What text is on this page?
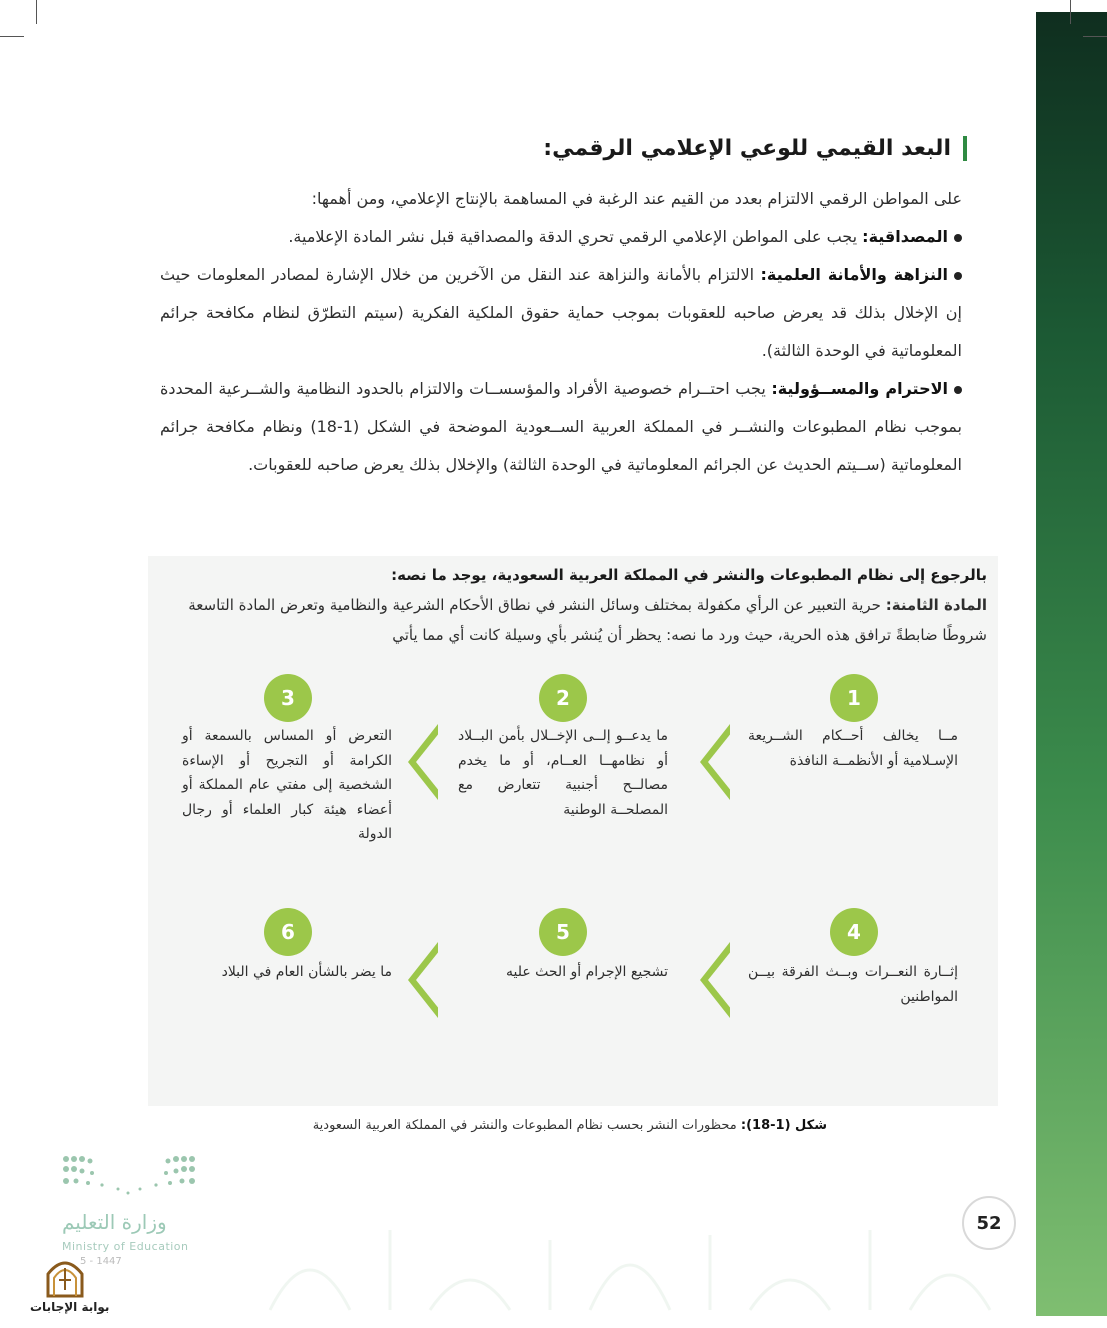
البعد القيمي للوعي الإعلامي الرقمي:
على المواطن الرقمي الالتزام بعدد من القيم عند الرغبة في المساهمة بالإنتاج الإعلامي، ومن أهمها:
المصداقية: يجب على المواطن الإعلامي الرقمي تحري الدقة والمصداقية قبل نشر المادة الإعلامية.
النزاهة والأمانة العلمية: الالتزام بالأمانة والنزاهة عند النقل من الآخرين من خلال الإشارة لمصادر المعلومات حيث إن الإخلال بذلك قد يعرض صاحبه للعقوبات بموجب حماية حقوق الملكية الفكرية (سيتم التطرّق لنظام مكافحة جرائم المعلوماتية في الوحدة الثالثة).
الاحترام والمســؤولية: يجب احتــرام خصوصية الأفراد والمؤسســات والالتزام بالحدود النظامية والشــرعية المحددة بموجب نظام المطبوعات والنشــر في المملكة العربية الســعودية الموضحة في الشكل (1-18) ونظام مكافحة جرائم المعلوماتية (ســيتم الحديث عن الجرائم المعلوماتية في الوحدة الثالثة) والإخلال بذلك يعرض صاحبه للعقوبات.
بالرجوع إلى نظام المطبوعات والنشر في المملكة العربية السعودية، يوجد ما نصه:
المادة الثامنة: حرية التعبير عن الرأي مكفولة بمختلف وسائل النشر في نطاق الأحكام الشرعية والنظامية وتعرض المادة التاسعة شروطًا ضابطةً ترافق هذه الحرية، حيث ورد ما نصه: يحظر أن يُنشر بأي وسيلة كانت أي مما يأتي
1
مــا يخالف أحــكام الشــريعة الإسـلامية أو الأنظمــة النافذة
2
ما يدعــو إلــى الإخــلال بأمن البــلاد أو نظامهــا العــام، أو ما يخدم مصالــح أجنبية تتعارض مع المصلحــة الوطنية
3
التعرض أو المساس بالسمعة أو الكرامة أو التجريح أو الإساءة الشخصية إلى مفتي عام المملكة أو أعضاء هيئة كبار العلماء أو رجال الدولة
4
إثــارة النعــرات وبــث الفرقة بيــن المواطنين
5
تشجيع الإجرام أو الحث عليه
6
ما يضر بالشأن العام في البلاد
شكل (1-18): محظورات النشر بحسب نظام المطبوعات والنشر في المملكة العربية السعودية
52
وزارة التعليم
Ministry of Education
5 - 1447
بوابة الإجابات
